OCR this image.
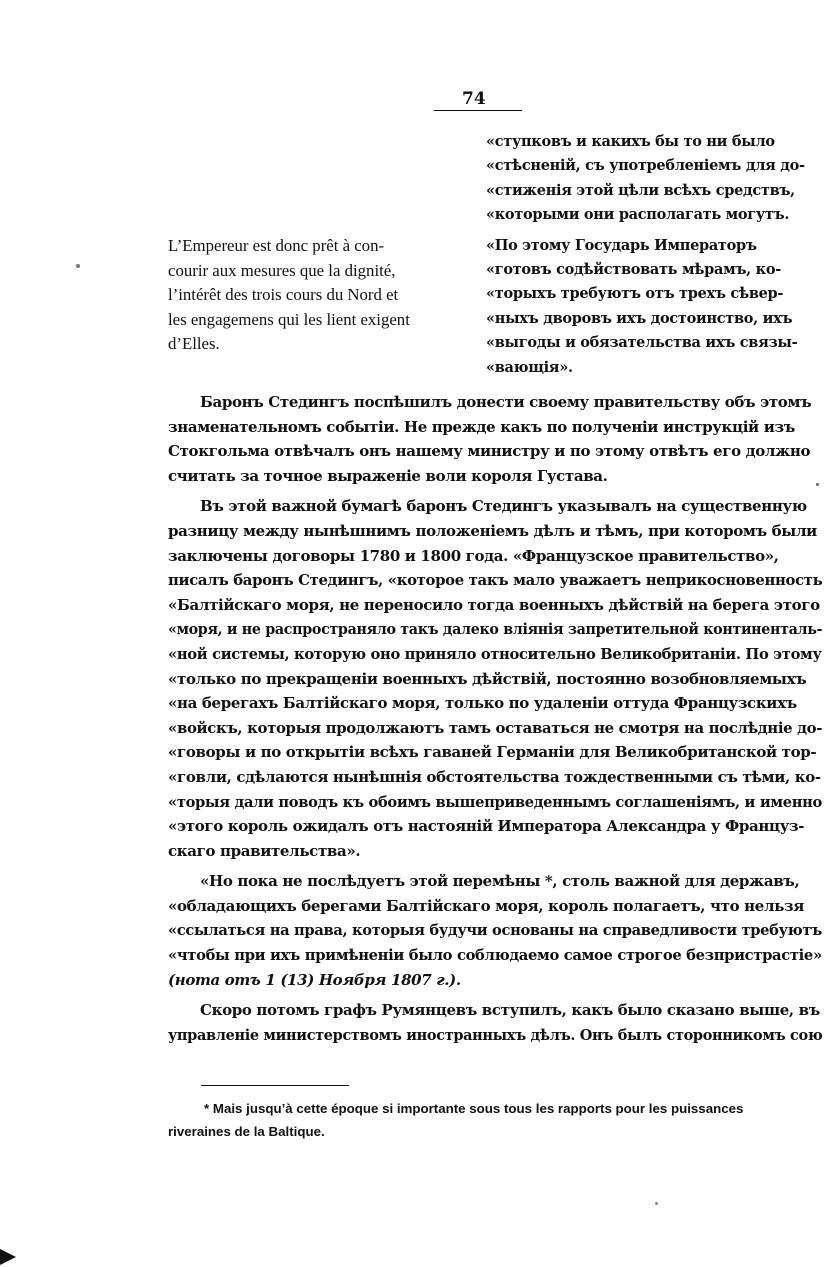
74
«ступковъ и какихъ бы то ни было
«стѣсненій, съ употребленіемъ для до-
«стиженія этой цѣли всѣхъ средствъ,
«которыми они располагать могутъ.
«По этому Государь Императоръ
«готовъ содѣйствовать мѣрамъ, ко-
«торыхъ требуютъ отъ трехъ сѣвер-
«ныхъ дворовъ ихъ достоинство, ихъ
«выгоды и обязательства ихъ связы-
«вающія».
L’Empereur est donc prêt à con-
courir aux mesures que la dignité,
l’intérêt des trois cours du Nord et
les engagemens qui les lient exigent
d’Elles.
Баронъ Стедингъ поспѣшилъ донести своему правительству объ этомъ
знаменательномъ событіи. Не прежде какъ по полученіи инструкцій изъ
Стокгольма отвѣчалъ онъ нашему министру и по этому отвѣтъ его должно
считать за точное выраженіе воли короля Густава.
Въ этой важной бумагѣ баронъ Стедингъ указывалъ на существенную
разницу между нынѣшнимъ положеніемъ дѣлъ и тѣмъ, при которомъ были
заключены договоры 1780 и 1800 года. «Французское правительство»,
писалъ баронъ Стедингъ, «которое такъ мало уважаетъ неприкосновенность
«Балтійскаго моря, не переносило тогда военныхъ дѣйствій на берега этого
«моря, и не распространяло такъ далеко вліянія запретительной континенталь-
«ной системы, которую оно приняло относительно Великобританіи. По этому
«только по прекращеніи военныхъ дѣйствій, постоянно возобновляемыхъ
«на берегахъ Балтійскаго моря, только по удаленіи оттуда Французскихъ
«войскъ, которыя продолжаютъ тамъ оставаться не смотря на послѣдніе до-
«говоры и по открытіи всѣхъ гаваней Германіи для Великобританской тор-
«говли, сдѣлаются нынѣшнія обстоятельства тождественными съ тѣми, ко-
«торыя дали поводъ къ обоимъ вышеприведеннымъ соглашеніямъ, и именно
«этого король ожидалъ отъ настояній Императора Александра у Француз-
скаго правительства».
«Но пока не послѣдуетъ этой перемѣны *, столь важной для державъ,
«обладающихъ берегами Балтійскаго моря, король полагаетъ, что нельзя
«ссылаться на права, которыя будучи основаны на справедливости требуютъ
«чтобы при ихъ примѣненіи было соблюдаемо самое строгое безпристрастіе»
(нота отъ 1 (13) Ноября 1807 г.).
Скоро потомъ графъ Румянцевъ вступилъ, какъ было сказано выше, въ
управленіе министерствомъ иностранныхъ дѣлъ. Онъ былъ сторонникомъ сою
* Mais jusqu’à cette époque si importante sous tous les rapports pour les puissances
riveraines de la Baltique.
